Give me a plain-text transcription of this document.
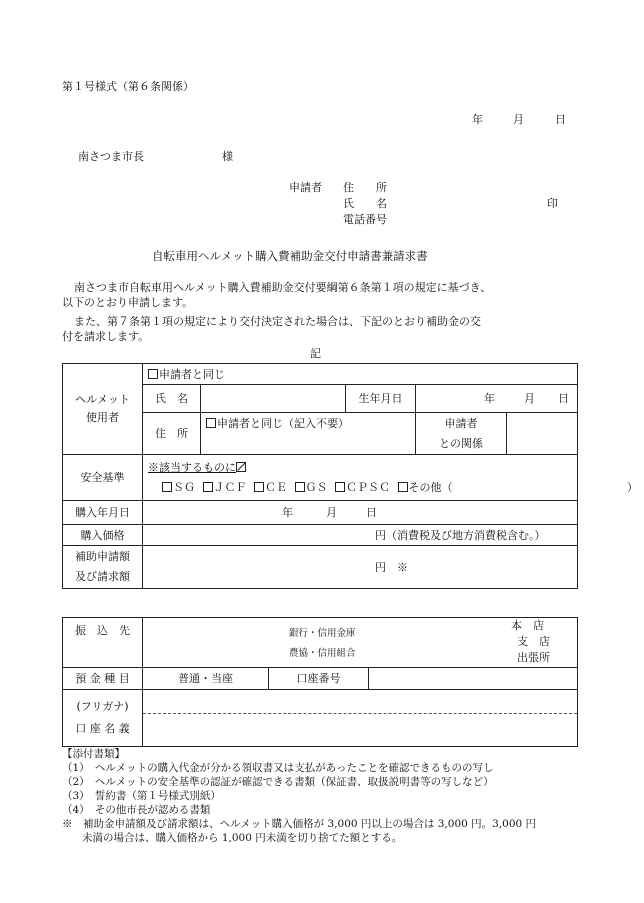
第１号様式（第６条関係）
年	月	日
南さつま市長	様
申請者 住　　所
氏　　名	印
電話番号
自転車用ヘルメット購入費補助金交付申請書兼請求書
南さつま市自転車用ヘルメット購入費補助金交付要綱第６条第１項の規定に基づき、
以下のとおり申請します。
また、第７条第１項の規定により交付決定された場合は、下記のとおり補助金の交
付を請求します。
記
ヘルメット
使用者	申請者と同じ				
	氏　名		生年月日	年 月 日	
	住　所	申請者と同じ（記入不要）		申請者	
				との関係	
安全基準	※該当するものに
ＳＧ ＪＣＦ ＣＥ ＧＳ ＣＰＳＣ その他（ ）				

購入年月日	年 月 日				
購入価格	円（消費税及び地方消費税含む。）				
補助申請額
及び請求額	円　※				
振　込　先	銀行・信用金庫
農協・信用組合
本　店
支　店
出張所		

預 金 種 目	普通・当座	口座番号	
(フリガナ)
口 座 名 義			
【添付書類】
（1）　ヘルメットの購入代金が分かる領収書又は支払があったことを確認できるものの写し
（2）　ヘルメットの安全基準の認証が確認できる書類（保証書、取扱説明書等の写しなど）
（3）　誓約書（第１号様式別紙）
（4）　その他市長が認める書類
※　補助金申請額及び請求額は、ヘルメット購入価格が 3,000 円以上の場合は 3,000 円。3,000 円
未満の場合は、購入価格から 1,000 円未満を切り捨てた額とする。
